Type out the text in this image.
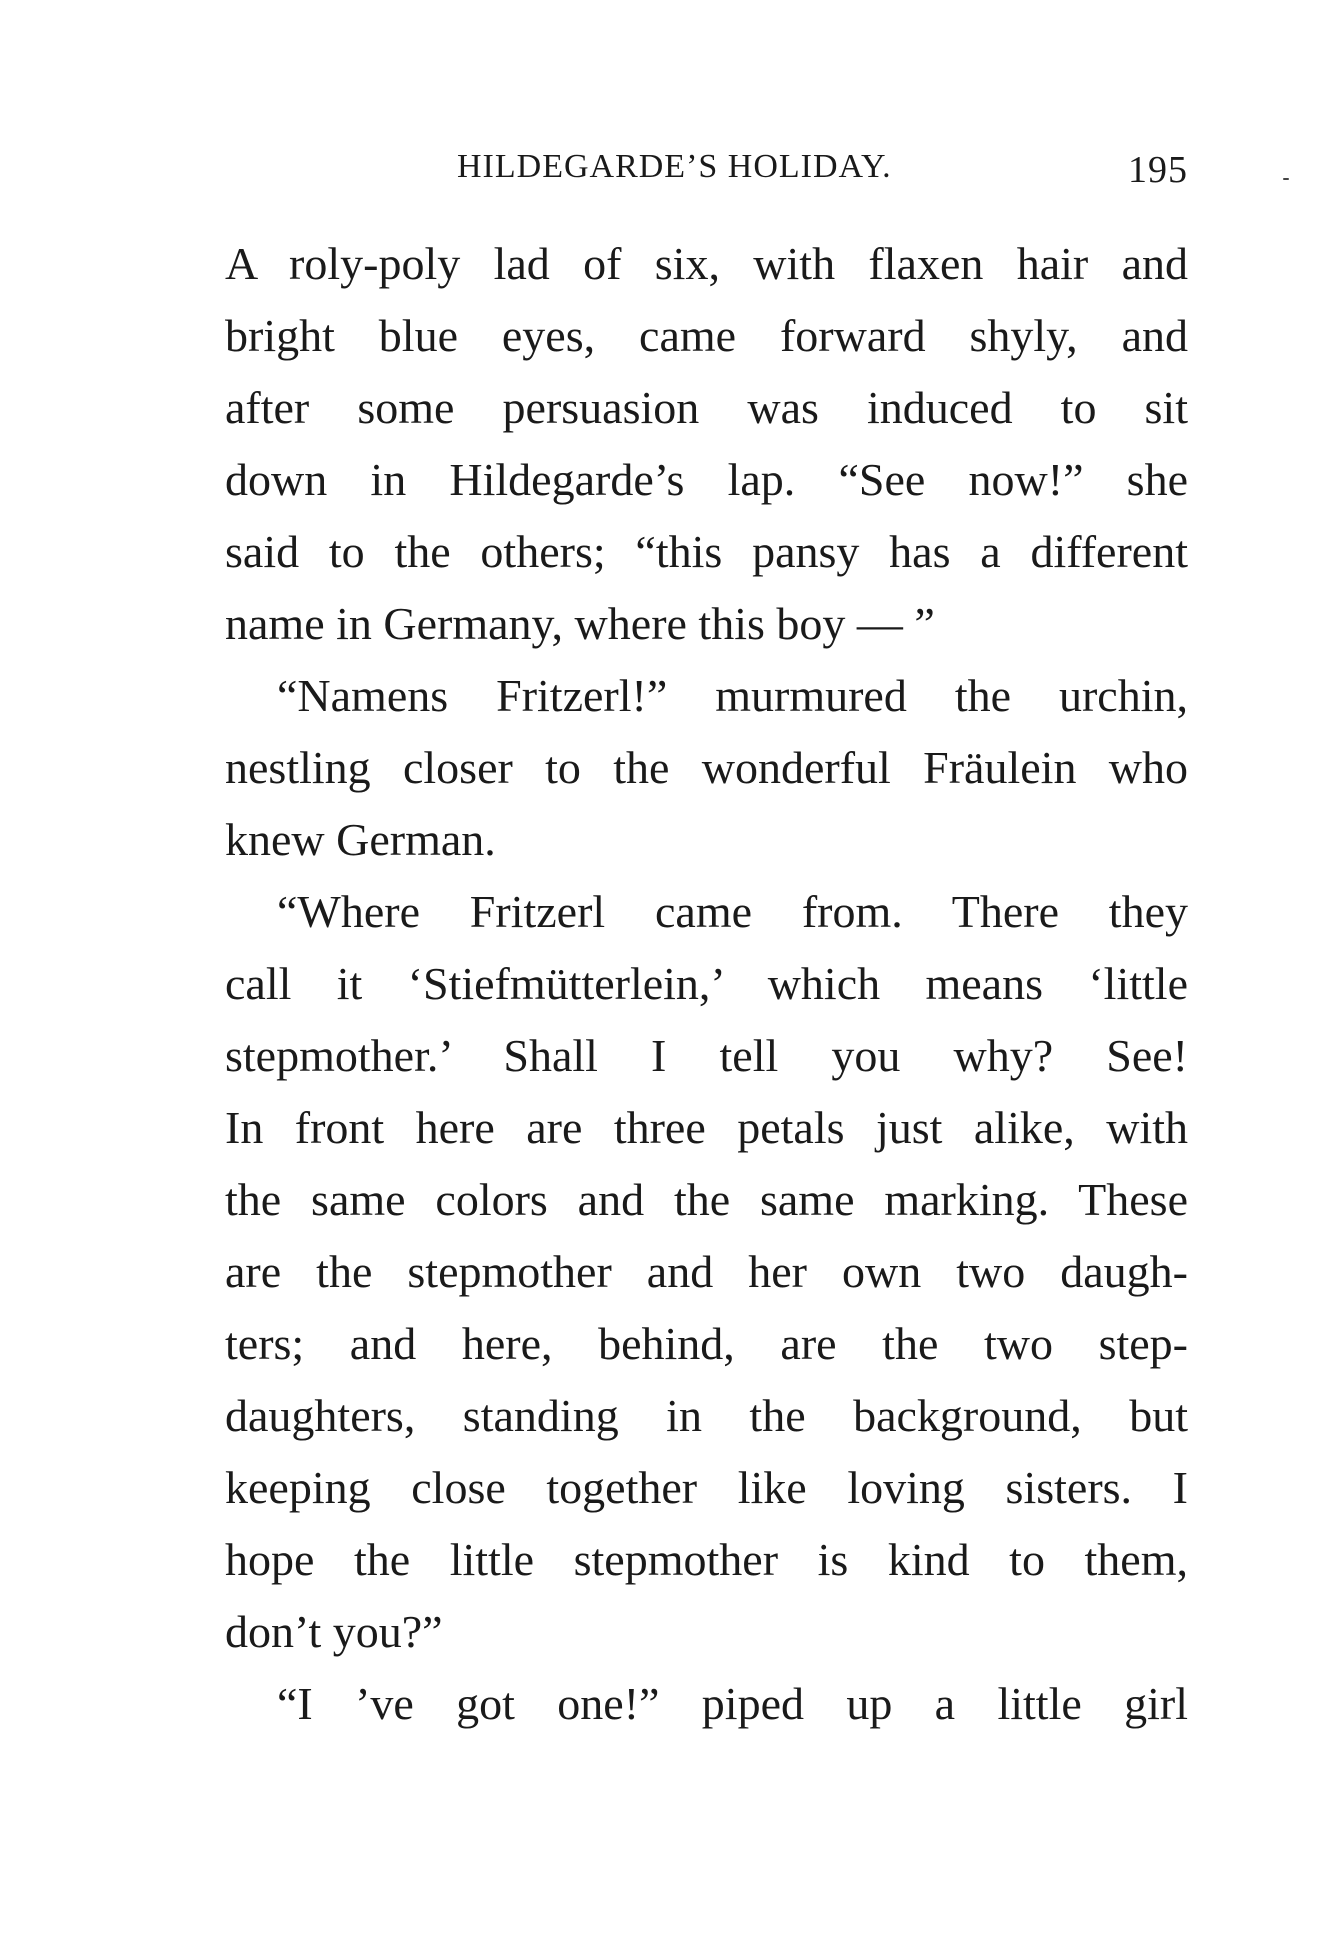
HILDEGARDE’S HOLIDAY.	195
A roly-poly lad of six, with flaxen hair and
bright blue eyes, came forward shyly, and
after some persuasion was induced to sit
down in Hildegarde’s lap. “See now!” she
said to the others; “this pansy has a different
name in Germany, where this boy — ”
“Namens Fritzerl!” murmured the urchin,
nestling closer to the wonderful Fräulein who
knew German.
“Where Fritzerl came from. There they
call it ‘Stiefmütterlein,’ which means ‘little
stepmother.’ Shall I tell you why? See!
In front here are three petals just alike, with
the same colors and the same marking. These
are the stepmother and her own two daugh-
ters; and here, behind, are the two step-
daughters, standing in the background, but
keeping close together like loving sisters. I
hope the little stepmother is kind to them,
don’t you?”
“I ’ve got one!” piped up a little girl
